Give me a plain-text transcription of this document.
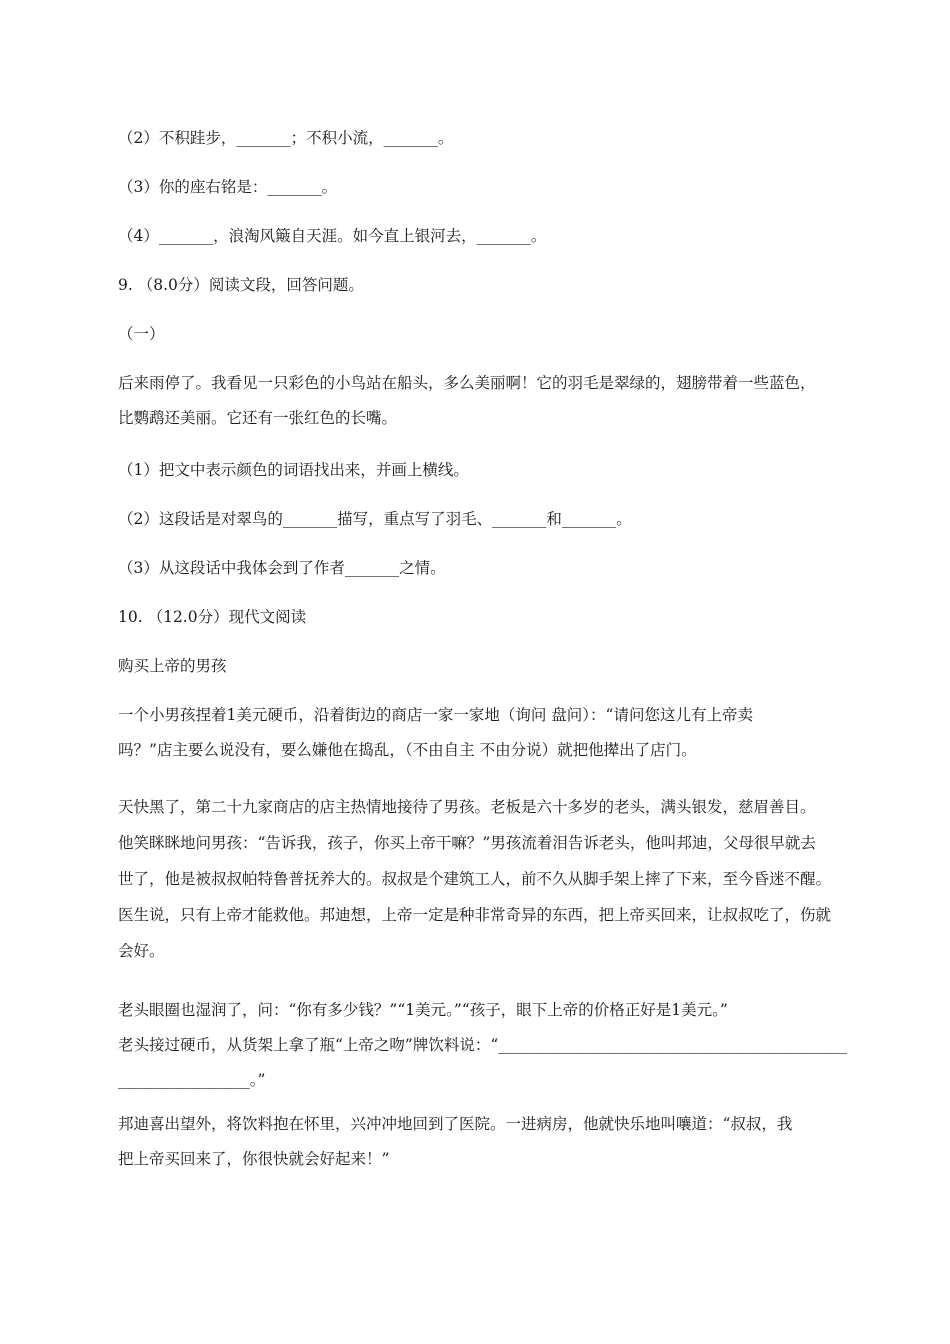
（2）不积跬步，_______；不积小流，_______。
（3）你的座右铭是：_______。
（4）_______，浪淘风簸自天涯。如今直上银河去，_______。
9. （8.0分）阅读文段，回答问题。
（一）
后来雨停了。我看见一只彩色的小鸟站在船头，多么美丽啊！它的羽毛是翠绿的，翅膀带着一些蓝色，
比鹦鹉还美丽。它还有一张红色的长嘴。
（1）把文中表示颜色的词语找出来，并画上横线。
（2）这段话是对翠鸟的_______描写，重点写了羽毛、_______和_______。
（3）从这段话中我体会到了作者_______之情。
10. （12.0分）现代文阅读
购买上帝的男孩
一个小男孩捏着1美元硬币，沿着街边的商店一家一家地（询问 盘问）：“请问您这儿有上帝卖
吗？”店主要么说没有，要么嫌他在捣乱，（不由自主 不由分说）就把他撵出了店门。
天快黑了，第二十九家商店的店主热情地接待了男孩。老板是六十多岁的老头，满头银发，慈眉善目。
他笑眯眯地问男孩：“告诉我，孩子，你买上帝干嘛？”男孩流着泪告诉老头，他叫邦迪，父母很早就去
世了，他是被叔叔帕特鲁普抚养大的。叔叔是个建筑工人，前不久从脚手架上摔了下来，至今昏迷不醒。
医生说，只有上帝才能救他。邦迪想，上帝一定是种非常奇异的东西，把上帝买回来，让叔叔吃了，伤就
会好。
老头眼圈也湿润了，问：“你有多少钱？”“1美元。”“孩子，眼下上帝的价格正好是1美元。”
老头接过硬币，从货架上拿了瓶“上帝之吻”牌饮料说：“_____________________________________________
_________________。”
邦迪喜出望外，将饮料抱在怀里，兴冲冲地回到了医院。一进病房，他就快乐地叫嚷道：“叔叔，我
把上帝买回来了，你很快就会好起来！”
